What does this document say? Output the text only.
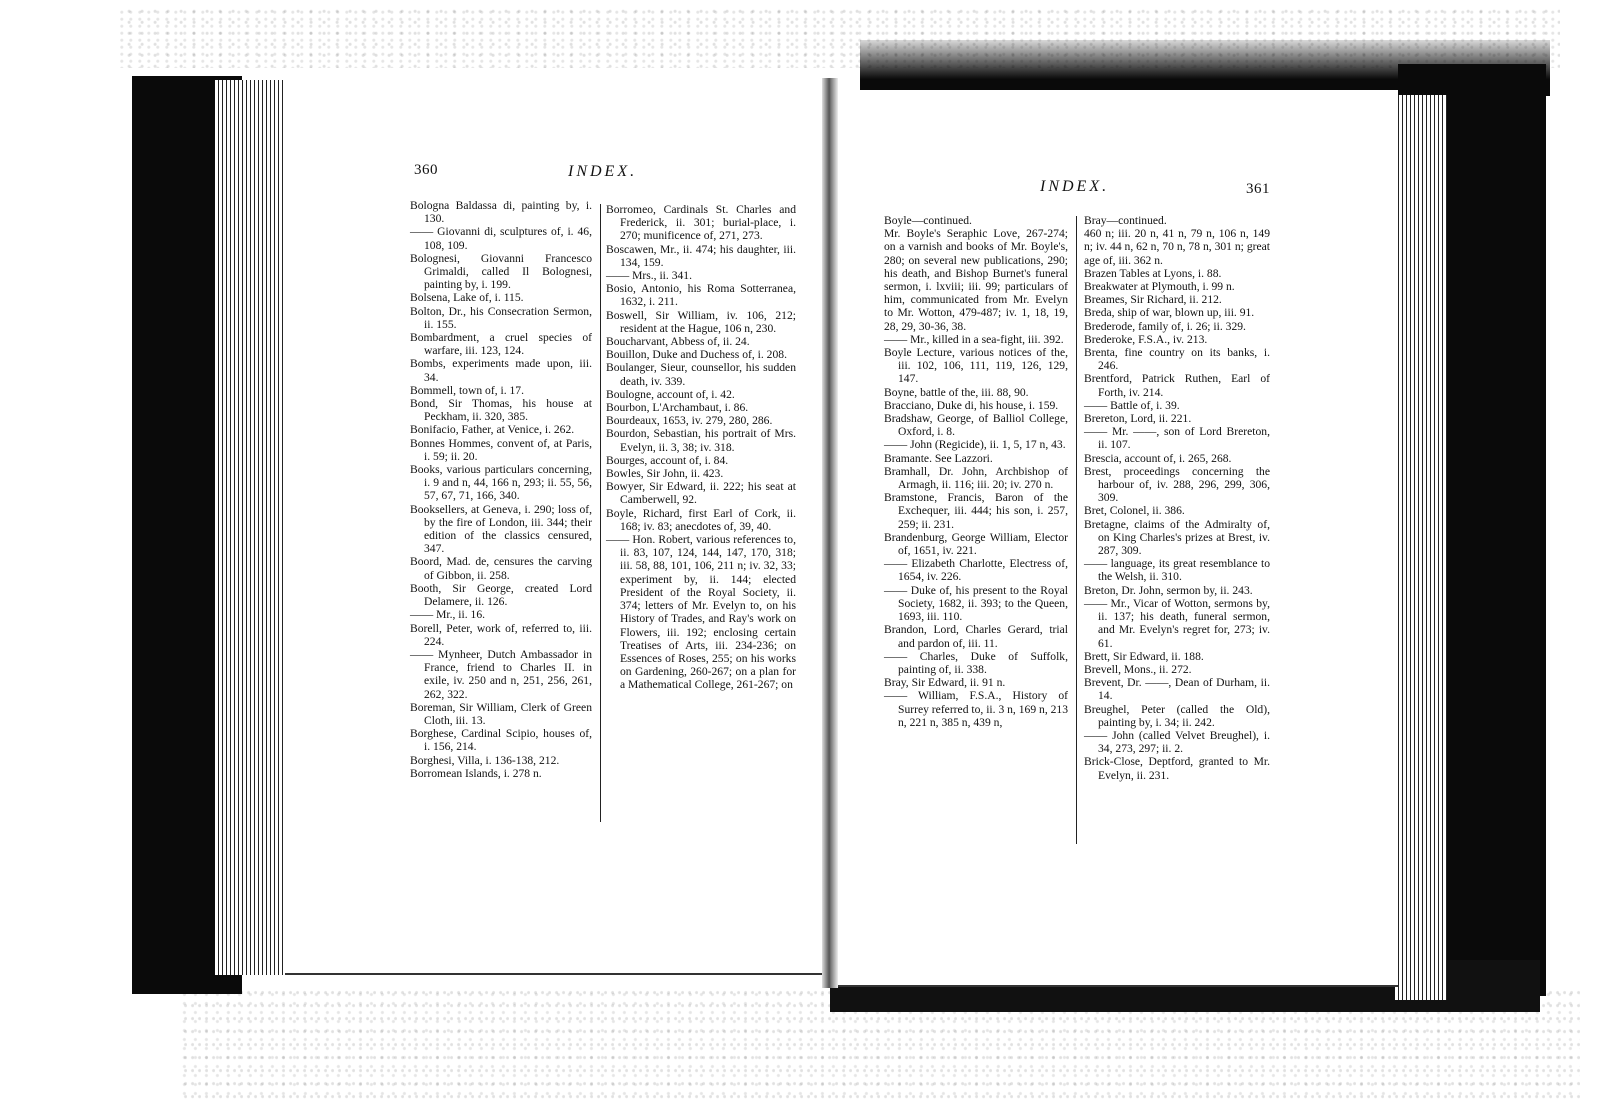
360	INDEX.
Bologna Baldassa di, painting by, i. 130.
—— Giovanni di, sculptures of, i. 46, 108, 109.
Bolognesi, Giovanni Francesco Grimaldi, called Il Bolognesi, painting by, i. 199.
Bolsena, Lake of, i. 115.
Bolton, Dr., his Consecration Sermon, ii. 155.
Bombardment, a cruel species of warfare, iii. 123, 124.
Bombs, experiments made upon, iii. 34.
Bommell, town of, i. 17.
Bond, Sir Thomas, his house at Peckham, ii. 320, 385.
Bonifacio, Father, at Venice, i. 262.
Bonnes Hommes, convent of, at Paris, i. 59; ii. 20.
Books, various particulars concerning, i. 9 and n, 44, 166 n, 293; ii. 55, 56, 57, 67, 71, 166, 340.
Booksellers, at Geneva, i. 290; loss of, by the fire of London, iii. 344; their edition of the classics censured, 347.
Boord, Mad. de, censures the carving of Gibbon, ii. 258.
Booth, Sir George, created Lord Delamere, ii. 126.
—— Mr., ii. 16.
Borell, Peter, work of, referred to, iii. 224.
—— Mynheer, Dutch Ambassador in France, friend to Charles II. in exile, iv. 250 and n, 251, 256, 261, 262, 322.
Boreman, Sir William, Clerk of Green Cloth, iii. 13.
Borghese, Cardinal Scipio, houses of, i. 156, 214.
Borghesi, Villa, i. 136-138, 212.
Borromean Islands, i. 278 n.
Borromeo, Cardinals St. Charles and Frederick, ii. 301; burial-place, i. 270; munificence of, 271, 273.
Boscawen, Mr., ii. 474; his daughter, iii. 134, 159.
—— Mrs., ii. 341.
Bosio, Antonio, his Roma Sotterranea, 1632, i. 211.
Boswell, Sir William, iv. 106, 212; resident at the Hague, 106 n, 230.
Boucharvant, Abbess of, ii. 24.
Bouillon, Duke and Duchess of, i. 208.
Boulanger, Sieur, counsellor, his sudden death, iv. 339.
Boulogne, account of, i. 42.
Bourbon, L'Archambaut, i. 86.
Bourdeaux, 1653, iv. 279, 280, 286.
Bourdon, Sebastian, his portrait of Mrs. Evelyn, ii. 3, 38; iv. 318.
Bourges, account of, i. 84.
Bowles, Sir John, ii. 423.
Bowyer, Sir Edward, ii. 222; his seat at Camberwell, 92.
Boyle, Richard, first Earl of Cork, ii. 168; iv. 83; anecdotes of, 39, 40.
—— Hon. Robert, various references to, ii. 83, 107, 124, 144, 147, 170, 318; iii. 58, 88, 101, 106, 211 n; iv. 32, 33; experiment by, ii. 144; elected President of the Royal Society, ii. 374; letters of Mr. Evelyn to, on his History of Trades, and Ray's work on Flowers, iii. 192; enclosing certain Treatises of Arts, iii. 234-236; on Essences of Roses, 255; on his works on Gardening, 260-267; on a plan for a Mathematical College, 261-267; on
INDEX.	361
Boyle—continued.
Mr. Boyle's Seraphic Love, 267-274; on a varnish and books of Mr. Boyle's, 280; on several new publications, 290; his death, and Bishop Burnet's funeral sermon, i. lxviii; iii. 99; particulars of him, communicated from Mr. Evelyn to Mr. Wotton, 479-487; iv. 1, 18, 19, 28, 29, 30-36, 38.
—— Mr., killed in a sea-fight, iii. 392.
Boyle Lecture, various notices of the, iii. 102, 106, 111, 119, 126, 129, 147.
Boyne, battle of the, iii. 88, 90.
Bracciano, Duke di, his house, i. 159.
Bradshaw, George, of Balliol College, Oxford, i. 8.
—— John (Regicide), ii. 1, 5, 17 n, 43.
Bramante. See Lazzori.
Bramhall, Dr. John, Archbishop of Armagh, ii. 116; iii. 20; iv. 270 n.
Bramstone, Francis, Baron of the Exchequer, iii. 444; his son, i. 257, 259; ii. 231.
Brandenburg, George William, Elector of, 1651, iv. 221.
—— Elizabeth Charlotte, Electress of, 1654, iv. 226.
—— Duke of, his present to the Royal Society, 1682, ii. 393; to the Queen, 1693, iii. 110.
Brandon, Lord, Charles Gerard, trial and pardon of, iii. 11.
—— Charles, Duke of Suffolk, painting of, ii. 338.
Bray, Sir Edward, ii. 91 n.
—— William, F.S.A., History of Surrey referred to, ii. 3 n, 169 n, 213 n, 221 n, 385 n, 439 n,
Bray—continued.
460 n; iii. 20 n, 41 n, 79 n, 106 n, 149 n; iv. 44 n, 62 n, 70 n, 78 n, 301 n; great age of, iii. 362 n.
Brazen Tables at Lyons, i. 88.
Breakwater at Plymouth, i. 99 n.
Breames, Sir Richard, ii. 212.
Breda, ship of war, blown up, iii. 91.
Brederode, family of, i. 26; ii. 329.
Brederoke, F.S.A., iv. 213.
Brenta, fine country on its banks, i. 246.
Brentford, Patrick Ruthen, Earl of Forth, iv. 214.
—— Battle of, i. 39.
Brereton, Lord, ii. 221.
—— Mr. ——, son of Lord Brereton, ii. 107.
Brescia, account of, i. 265, 268.
Brest, proceedings concerning the harbour of, iv. 288, 296, 299, 306, 309.
Bret, Colonel, ii. 386.
Bretagne, claims of the Admiralty of, on King Charles's prizes at Brest, iv. 287, 309.
—— language, its great resemblance to the Welsh, ii. 310.
Breton, Dr. John, sermon by, ii. 243.
—— Mr., Vicar of Wotton, sermons by, ii. 137; his death, funeral sermon, and Mr. Evelyn's regret for, 273; iv. 61.
Brett, Sir Edward, ii. 188.
Brevell, Mons., ii. 272.
Brevent, Dr. ——, Dean of Durham, ii. 14.
Breughel, Peter (called the Old), painting by, i. 34; ii. 242.
—— John (called Velvet Breughel), i. 34, 273, 297; ii. 2.
Brick-Close, Deptford, granted to Mr. Evelyn, ii. 231.
